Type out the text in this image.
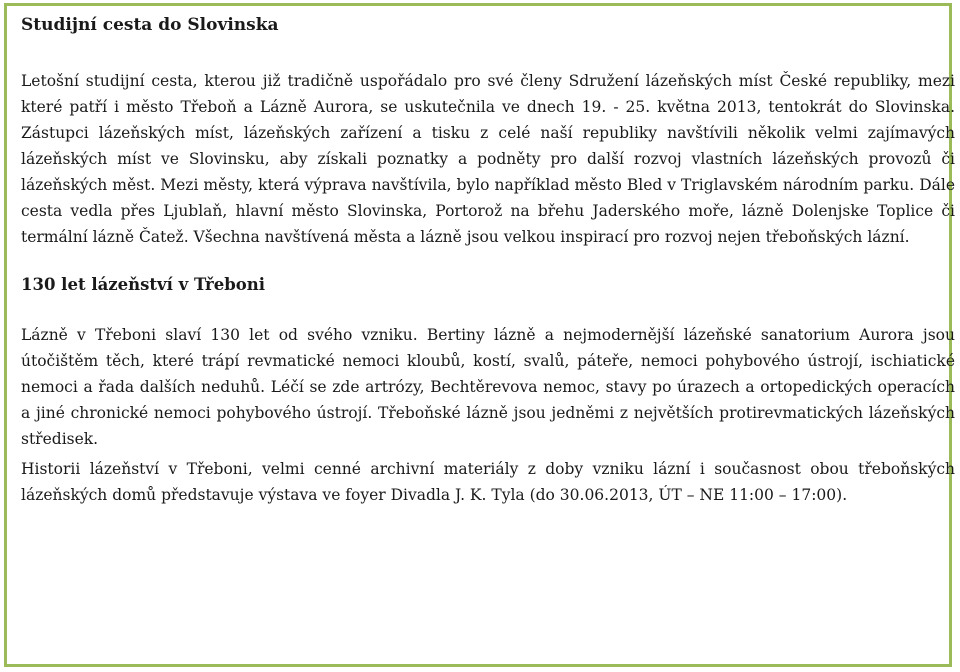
Studijní cesta do Slovinska

Letošní studijní cesta, kterou již tradičně uspořádalo pro své členy Sdružení lázeňských míst České republiky, mezi které patří i město Třeboň a Lázně Aurora, se uskutečnila ve dnech 19. - 25. května 2013, tentokrát do Slovinska. Zástupci lázeňských míst, lázeňských zařízení a tisku z celé naší republiky navštívili několik velmi zajímavých lázeňských míst ve Slovinsku, aby získali poznatky a podněty pro další rozvoj vlastních lázeňských provozů či lázeňských měst. Mezi městy, která výprava navštívila, bylo například město Bled v Triglavském národním parku. Dále cesta vedla přes Ljublaň, hlavní město Slovinska, Portorož na břehu Jaderského moře, lázně Dolenjske Toplice či termální lázně Čatež. Všechna navštívená města a lázně jsou velkou inspirací pro rozvoj nejen třeboňských lázní.

130 let lázeňství v Třeboni

Lázně v Třeboni slaví 130 let od svého vzniku. Bertiny lázně a nejmodernější lázeňské sanatorium Aurora jsou útočištěm těch, které trápí revmatické nemoci kloubů, kostí, svalů, páteře, nemoci pohybového ústrojí, ischiatické nemoci a řada dalších neduhů. Léčí se zde artrózy, Bechtěrevova nemoc, stavy po úrazech a ortopedických operacích a jiné chronické nemoci pohybového ústrojí. Třeboňské lázně jsou jedněmi z největších protirevmatických lázeňských středisek.

Historii lázeňství v Třeboni, velmi cenné archivní materiály z doby vzniku lázní i současnost obou třeboňských lázeňských domů představuje výstava ve foyer Divadla J. K. Tyla (do 30.06.2013, ÚT – NE 11:00 – 17:00).
